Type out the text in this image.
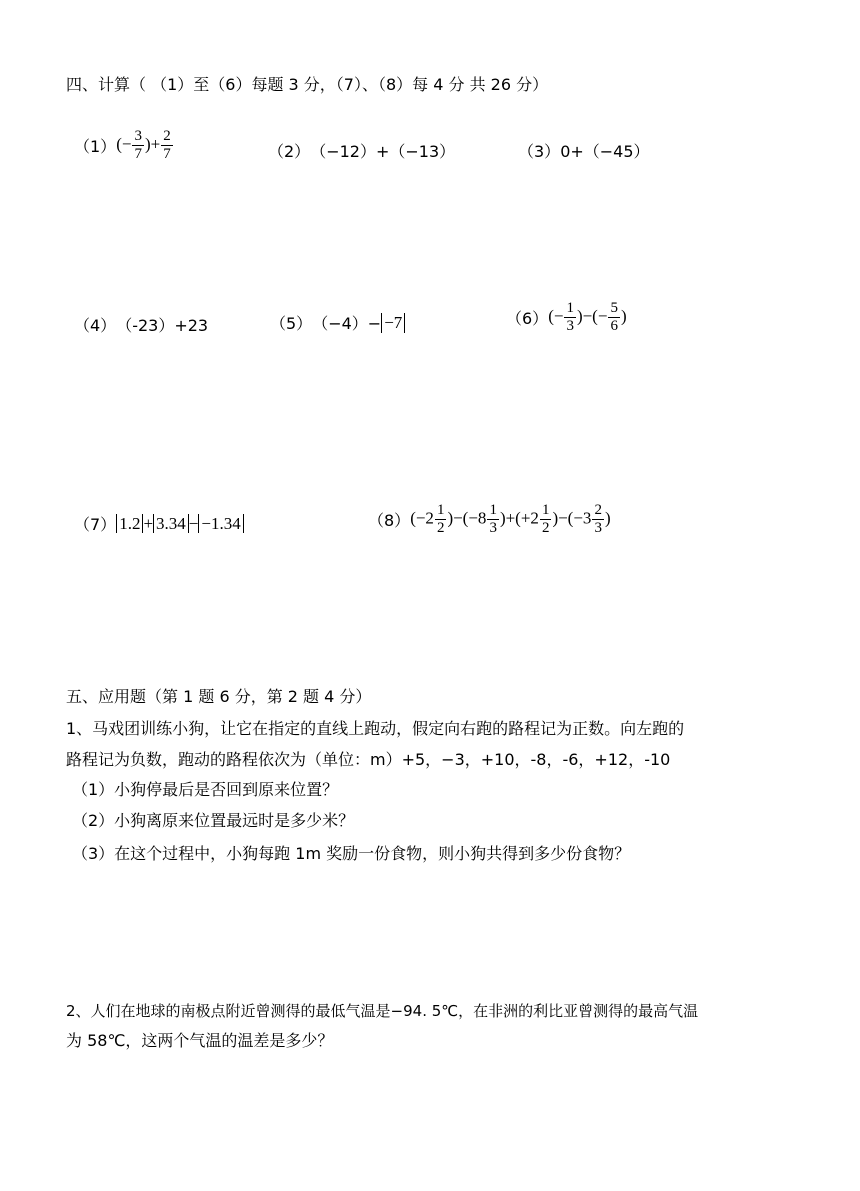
四、计算（ （1）至（6）每题 3 分，（7）、（8）每 4 分 共 26 分）
（1） (− $\frac{3}{7}$ )+ $\frac{2}{7}$	（2） （−12）+（−13）	（3） 0+（−45）
（4） （-23）+23	（5） （−4）− −7	（6） (− $\frac{1}{3}$ )−(− $\frac{5}{6}$ )
（7） 1.2 + 3.34 − −1.34	（8） $(-2 \frac{1}{2} )-(-8 \frac{1}{3} )+(+2 \frac{1}{2} )-(-3 \frac{2}{3}$ )
五、应用题（第 1 题 6 分，第 2 题 4 分）
1、马戏团训练小狗，让它在指定的直线上跑动，假定向右跑的路程记为正数。向左跑的
路程记为负数，跑动的路程依次为（单位：m）+5，−3，+10，-8，-6，+12，-10
（1）小狗停最后是否回到原来位置？
（2）小狗离原来位置最远时是多少米？
（3）在这个过程中，小狗每跑 1m 奖励一份食物，则小狗共得到多少份食物？
2、人们在地球的南极点附近曾测得的最低气温是−94. 5℃，在非洲的利比亚曾测得的最高气温
为 58℃，这两个气温的温差是多少？
